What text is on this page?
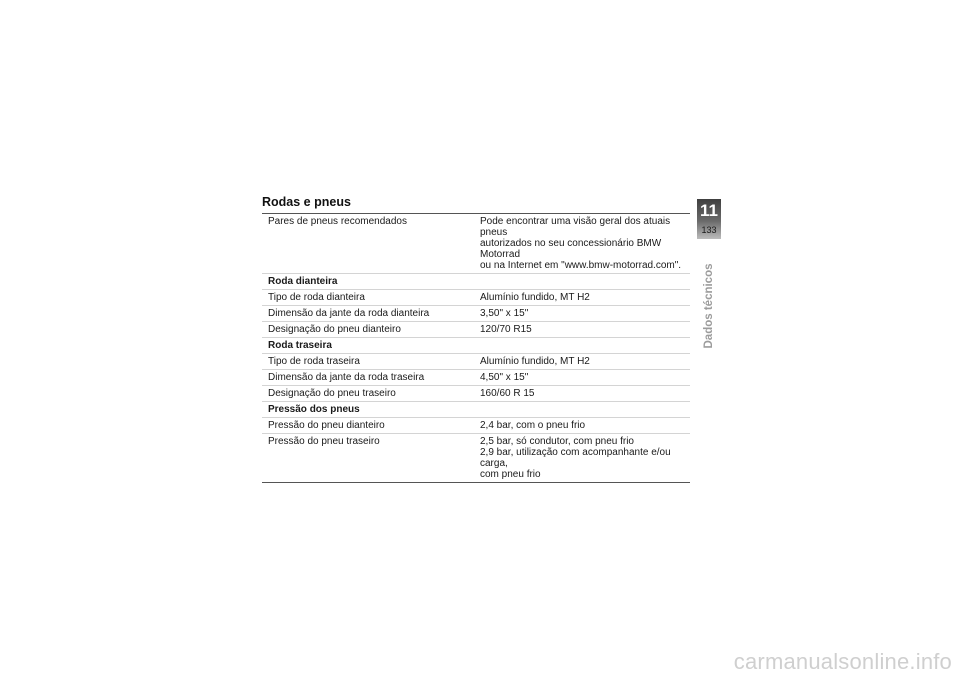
Rodas e pneus
Pares de pneus recomendados	Pode encontrar uma visão geral dos atuais pneus
autorizados no seu concessionário BMW Motorrad
ou na Internet em "www.bmw-motorrad.com".
Roda dianteira	
Tipo de roda dianteira	Alumínio fundido, MT H2
Dimensão da jante da roda dianteira	3,50" x 15"
Designação do pneu dianteiro	120/70 R15
Roda traseira	
Tipo de roda traseira	Alumínio fundido, MT H2
Dimensão da jante da roda traseira	4,50" x 15"
Designação do pneu traseiro	160/60 R 15
Pressão dos pneus	
Pressão do pneu dianteiro	2,4 bar, com o pneu frio
Pressão do pneu traseiro	2,5 bar, só condutor, com pneu frio
2,9 bar, utilização com acompanhante e/ou carga,
com pneu frio
11
133
Dados técnicos
carmanualsonline.info
